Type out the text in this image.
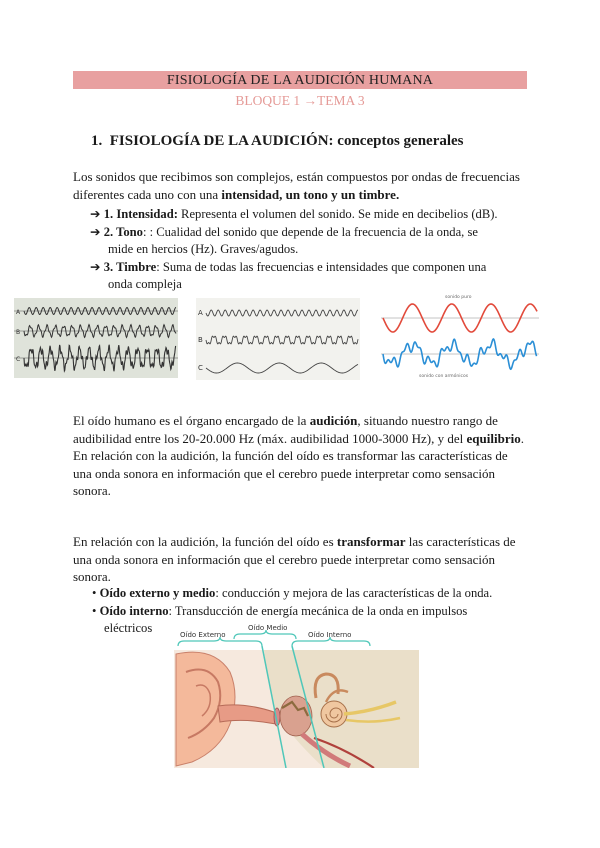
FISIOLOGÍA DE LA AUDICIÓN HUMANA
BLOQUE 1 →TEMA 3
1. FISIOLOGÍA DE LA AUDICIÓN: conceptos generales
Los sonidos que recibimos son complejos, están compuestos por ondas de frecuencias
diferentes cada uno con una intensidad, un tono y un timbre.
➔ 1. Intensidad: Representa el volumen del sonido. Se mide en decibelios (dB).
➔ 2. Tono: : Cualidad del sonido que depende de la frecuencia de la onda, se
mide en hercios (Hz). Graves/agudos.
➔ 3. Timbre: Suma de todas las frecuencias e intensidades que componen una
onda compleja
A
B
C
A
B
C
sonido puro
sonido con armónicos
El oído humano es el órgano encargado de la audición, situando nuestro rango de
audibilidad entre los 20-20.000 Hz (máx. audibilidad 1000-3000 Hz), y del equilibrio.
En relación con la audición, la función del oído es transformar las características de
una onda sonora en información que el cerebro puede interpretar como sensación
sonora.
En relación con la audición, la función del oído es transformar las características de
una onda sonora en información que el cerebro puede interpretar como sensación
sonora.
• Oído externo y medio: conducción y mejora de las características de la onda.
• Oído interno: Transducción de energía mecánica de la onda en impulsos
eléctricos	Oído Externo
Oído Medio
Oído Interno
